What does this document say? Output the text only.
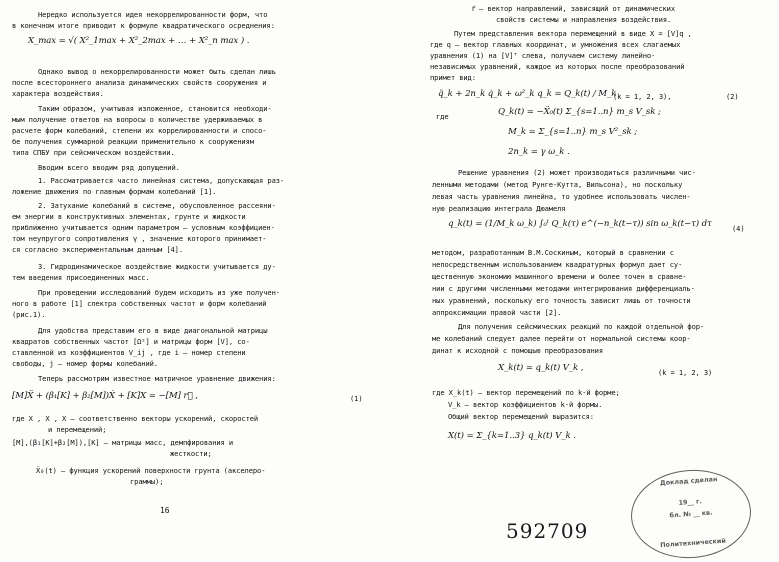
Нередко используется идея некоррелированности форм, что
в конечном итоге приводит к формуле квадратического осреднения:
X_max = √( X²_1max + X²_2max + … + X²_n max ) .
Однако вывод о некоррелированности может быть сделан лишь
после всестороннего анализа динамических свойств сооружения и
характера воздействия.
Таким образом, учитывая изложенное, становится необходи-
мым получение ответов на вопросы о количестве удерживаемых в
расчете форм колебаний, степени их коррелированности и спосо-
бе получения суммарной реакции применительно к сооружениям
типа СПБУ при сейсмическом воздействии.
Вводим всего вводим ряд допущений.
1. Рассматривается часто линейная система, допускающая раз-
ложение движения по главным формам колебаний [1].
2. Затухание колебаний в системе, обусловленное рассеяни-
ем энергии в конструктивных элементах, грунте и жидкости
приближенно учитывается одним параметром – условным коэффициен-
том неупругого сопротивления γ , значение которого принимает-
ся согласно экспериментальным данным [4].
3. Гидродинамическое воздействие жидкости учитывается ду-
тем введения присоединенных масс.
При проведении исследований будем исходить из уже получен-
ного в работе [1] спектра собственных частот и форм колебаний
(рис.1).
Для удобства представим его в виде диагональной матрицы
квадратов собственных частот [Ω²] и матрицы форм [V], со-
ставленной из коэффициентов V_ij , где i – номер степени
свободы, j – номер формы колебаний.
Теперь рассмотрим известное матричное уравнение движения:
[M]Ẍ + (β₁[K] + β₂[M])Ẋ + [K]X = −[M] r⃗ ,	(1)
где X , X , X – соответственно векторы ускорений, скоростей
и перемещений;
[M],(β₁[K]+β₂[M]),[K] – матрицы масс, демпфирования и
жесткости;
Ẍ₀(t) – функция ускорений поверхности грунта (акселеро-
граммы);
16
r⃗ – вектор направлений, зависящий от динамических
свойств системы и направления воздействия.
Путем представления вектора перемещений в виде X = [V]q ,
где q – вектор главных координат, и умножения всех слагаемых
уравнения (1) на [V]ᵀ слева, получаем систему линейно-
независимых уравнений, каждое из которых после преобразований
примет вид:
q̈_k + 2n_k q̇_k + ω²_k q_k = Q_k(t) / M_k
(k = 1, 2, 3),	(2)
где	Q_k(t) = −Ẍ₀(t) Σ_{s=1..n} m_s V_sk ;
M_k = Σ_{s=1..n} m_s V²_sk ;
2n_k = γ ω_k .
Решение уравнения (2) может производиться различными чис-
ленными методами (метод Рунге-Кутта, Вильсона), но поскольку
левая часть уравнения линейна, то удобнее использовать числен-
ную реализацию интеграла Дюамеля
q_k(t) = (1/M_k ω_k) ∫₀ᵗ Q_k(τ) e^(−n_k(t−τ)) sin ω_k(t−τ) dτ	(4)
методом, разработанным В.М.Соскиным, который в сравнении с
непосредственным использованием квадратурных формул дает су-
щественную экономию машинного времени и более точен в сравне-
нии с другими численными методами интегрирования дифференциаль-
ных уравнений, поскольку его точность зависит лишь от точности
аппроксимации правой части [2].
Для получения сейсмических реакций по каждой отдельной фор-
ме колебаний следует далее перейти от нормальной системы коор-
динат к исходной с помощью преобразования
X_k(t) = q_k(t) V_k ,	(k = 1, 2, 3)
где X_k(t) – вектор перемещений по k-й форме;
V_k – вектор коэффициентов k-й формы.
Общий вектор перемещений выразится:
X(t) = Σ_{k=1..3} q_k(t) V_k .
Доклад сделан
19__ г.
бл. № __ кв.
Политехнический
592709
